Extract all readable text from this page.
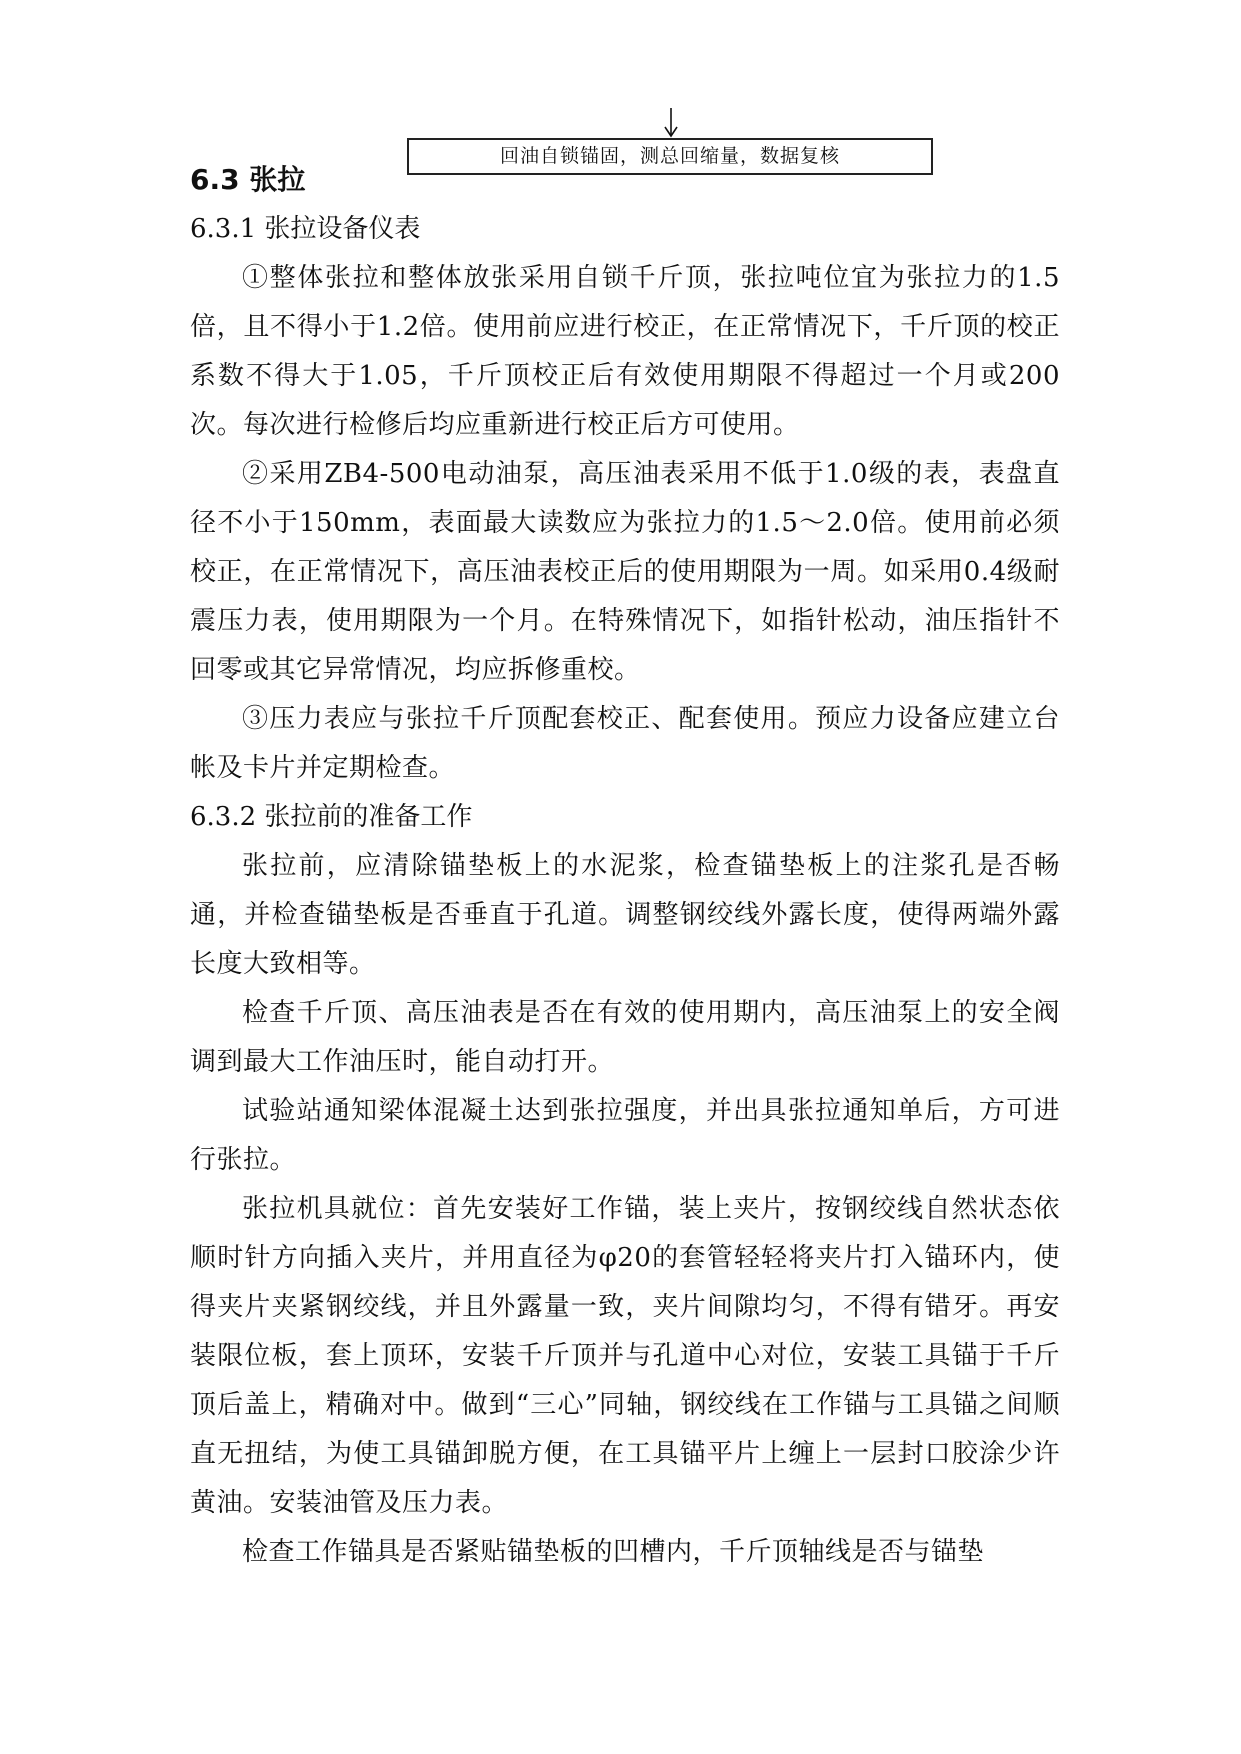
回油自锁锚固，测总回缩量，数据复核
6.3 张拉
6.3.1 张拉设备仪表

①整体张拉和整体放张采用自锁千斤顶，张拉吨位宜为张拉力的1.5倍，且不得小于1.2倍。使用前应进行校正，在正常情况下，千斤顶的校正系数不得大于1.05，千斤顶校正后有效使用期限不得超过一个月或200次。每次进行检修后均应重新进行校正后方可使用。

②采用ZB4-500电动油泵，高压油表采用不低于1.0级的表，表盘直径不小于150mm，表面最大读数应为张拉力的1.5～2.0倍。使用前必须校正，在正常情况下，高压油表校正后的使用期限为一周。如采用0.4级耐震压力表，使用期限为一个月。在特殊情况下，如指针松动，油压指针不回零或其它异常情况，均应拆修重校。

③压力表应与张拉千斤顶配套校正、配套使用。预应力设备应建立台帐及卡片并定期检查。

6.3.2 张拉前的准备工作

张拉前，应清除锚垫板上的水泥浆，检查锚垫板上的注浆孔是否畅通，并检查锚垫板是否垂直于孔道。调整钢绞线外露长度，使得两端外露长度大致相等。

检查千斤顶、高压油表是否在有效的使用期内，高压油泵上的安全阀调到最大工作油压时，能自动打开。

试验站通知梁体混凝土达到张拉强度，并出具张拉通知单后，方可进行张拉。

张拉机具就位：首先安装好工作锚，装上夹片，按钢绞线自然状态依顺时针方向插入夹片，并用直径为φ20的套管轻轻将夹片打入锚环内，使得夹片夹紧钢绞线，并且外露量一致，夹片间隙均匀，不得有错牙。再安装限位板，套上顶环，安装千斤顶并与孔道中心对位，安装工具锚于千斤顶后盖上，精确对中。做到“三心”同轴，钢绞线在工作锚与工具锚之间顺直无扭结，为使工具锚卸脱方便，在工具锚平片上缠上一层封口胶涂少许黄油。安装油管及压力表。

检查工作锚具是否紧贴锚垫板的凹槽内，千斤顶轴线是否与锚垫
